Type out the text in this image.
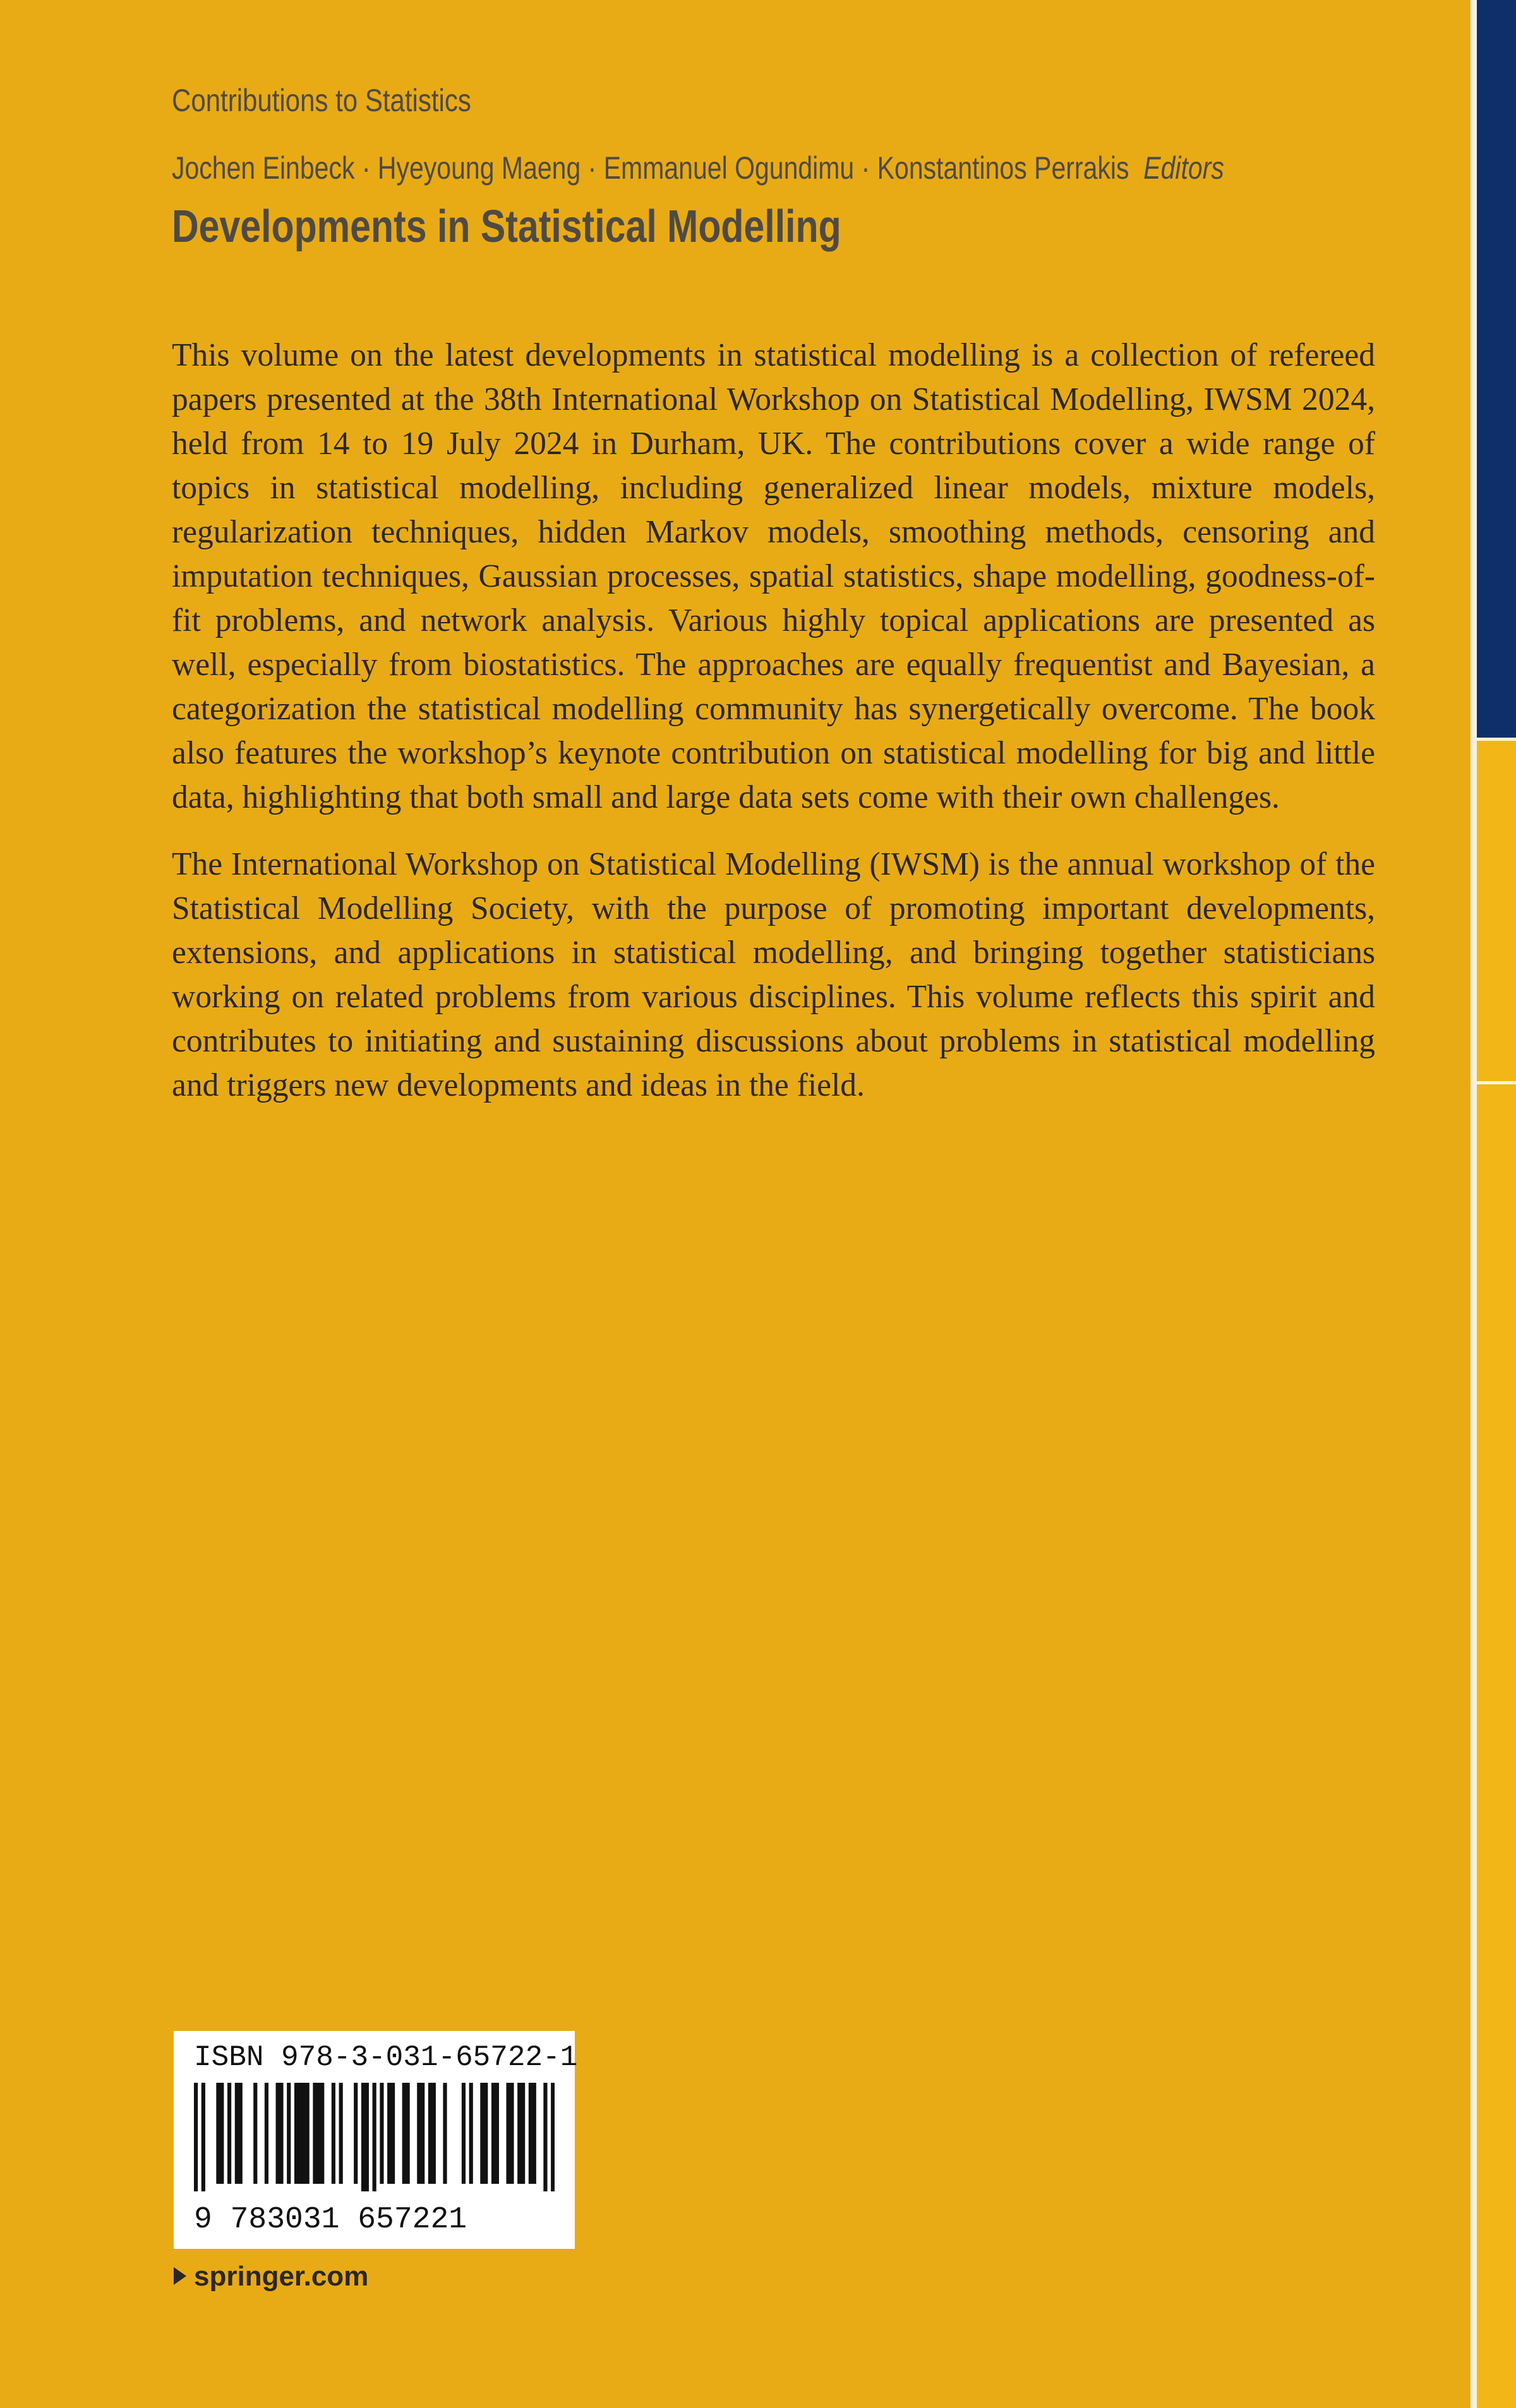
Contributions to Statistics
Jochen Einbeck · Hyeyoung Maeng · Emmanuel Ogundimu · Konstantinos Perrakis Editors
Developments in Statistical Modelling

This volume on the latest developments in statistical modelling is a collection of refereed papers presented at the 38th International Workshop on Statistical Modelling, IWSM 2024, held from 14 to 19 July 2024 in Durham, UK. The contributions cover a wide range of topics in statistical modelling, including generalized linear models, mixture models, regularization techniques, hidden Markov models, smoothing methods, censoring and imputation techniques, Gaussian processes, spatial statistics, shape modelling, goodness-of-fit problems, and network analysis. Various highly topical applications are presented as well, especially from biostatistics. The approaches are equally frequentist and Bayesian, a categorization the statistical modelling community has synergetically overcome. The book also features the workshop’s keynote contribution on statistical modelling for big and little data, highlighting that both small and large data sets come with their own challenges.

The International Workshop on Statistical Modelling (IWSM) is the annual workshop of the Statistical Modelling Society, with the purpose of promoting important developments, extensions, and applications in statistical modelling, and bringing together statisticians working on related problems from various disciplines. This volume reflects this spirit and contributes to initiating and sustaining discussions about problems in statistical modelling and triggers new developments and ideas in the field.

ISBN 978-3-031-65722-1
9 783031 657221
springer.com
